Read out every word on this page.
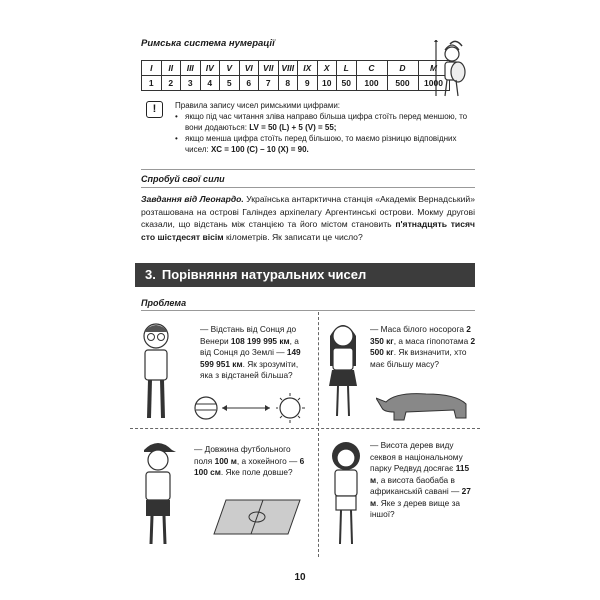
Римська система нумерації
I	II	III	IV	V	VI	VII	VIII	IX	X	L	C	D	M
1	2	3	4	5	6	7	8	9	10	50	100	500	1000
!	Правила запису чисел римськими цифрами:
• якщо під час читання зліва направо більша цифра стоїть перед меншою, то вони додаються: LV = 50 (L) + 5 (V) = 55;
• якщо менша цифра стоїть перед більшою, то маємо різницю відповідних чисел: XC = 100 (C) – 10 (X) = 90.
Спробуй свої сили
Завдання від Леонардо. Українська антарктична станція «Академік Вернадський» розташована на острові Галіндез архіпелагу Аргентинські острови. Мокму другові сказали, що відстань між станцією та його містом становить п'ятнадцять тисяч сто шістдесят вісім кілометрів. Як записати це число?
3. Порівняння натуральних чисел
Проблема
— Відстань від Сонця до Венери 108 199 995 км, а від Сонця до Землі — 149 599 951 км. Як зрозуміти, яка з відстаней більша?
— Маса білого носорога 2 350 кг, а маса гіпопотама 2 500 кг. Як визначити, хто має більшу масу?
— Довжина футбольного поля 100 м, а хокейного — 6 100 см. Яке поле довше?
— Висота дерев виду секвоя в національному парку Редвуд досягає 115 м, а висота баобаба в африканській савані — 27 м. Яке з дерев вище за іншої?
10
